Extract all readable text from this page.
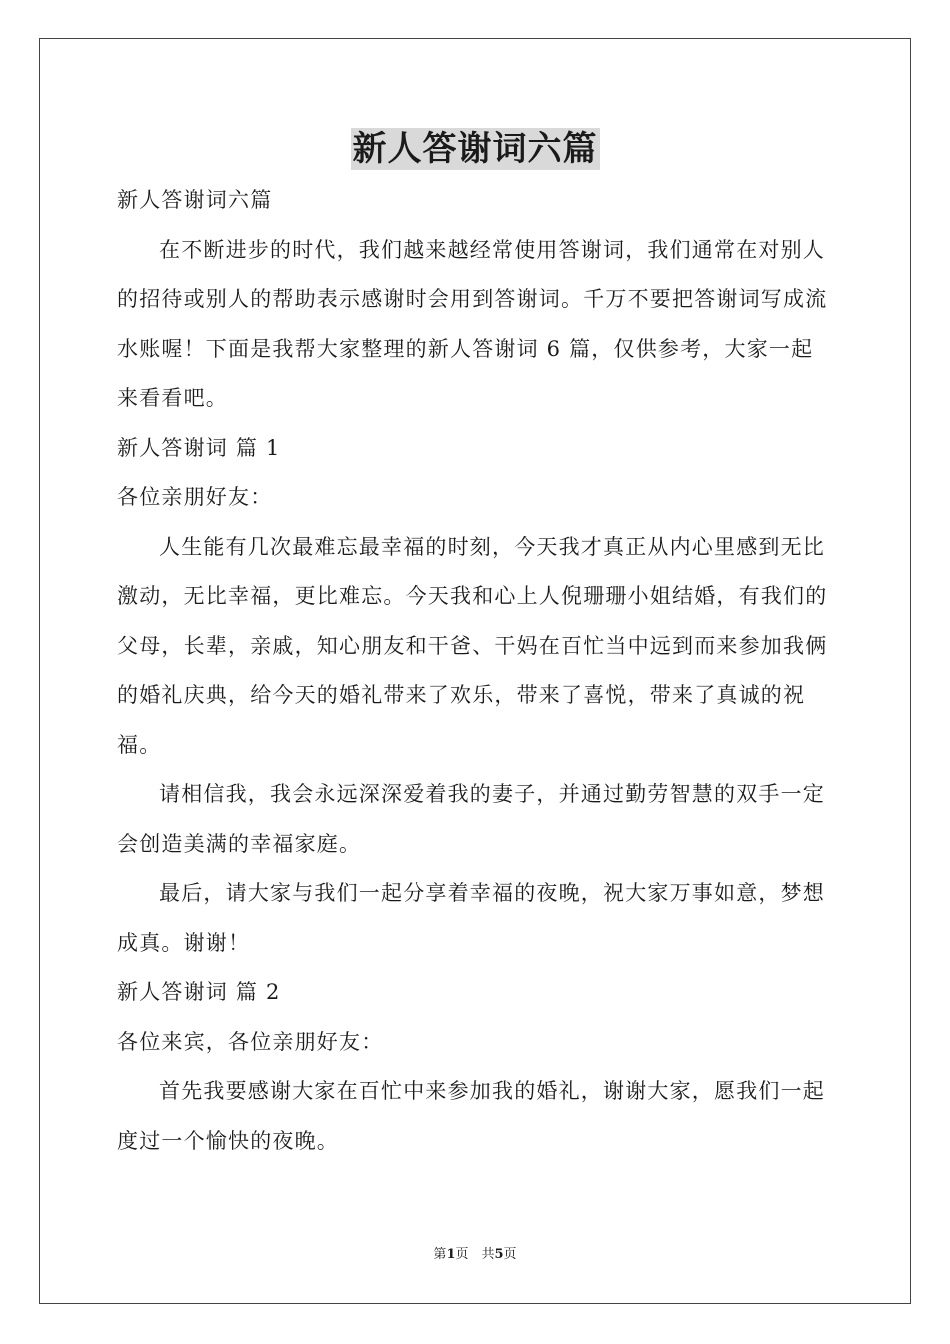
新人答谢词六篇

新人答谢词六篇

在不断进步的时代，我们越来越经常使用答谢词，我们通常在对别人的招待或别人的帮助表示感谢时会用到答谢词。千万不要把答谢词写成流水账喔！下面是我帮大家整理的新人答谢词 6 篇，仅供参考，大家一起来看看吧。

新人答谢词 篇 1

各位亲朋好友：

人生能有几次最难忘最幸福的时刻，今天我才真正从内心里感到无比激动，无比幸福，更比难忘。今天我和心上人倪珊珊小姐结婚，有我们的父母，长辈，亲戚，知心朋友和干爸、干妈在百忙当中远到而来参加我俩的婚礼庆典，给今天的婚礼带来了欢乐，带来了喜悦，带来了真诚的祝福。

请相信我，我会永远深深爱着我的妻子，并通过勤劳智慧的双手一定会创造美满的幸福家庭。

最后，请大家与我们一起分享着幸福的夜晚，祝大家万事如意，梦想成真。谢谢！

新人答谢词 篇 2

各位来宾，各位亲朋好友：

首先我要感谢大家在百忙中来参加我的婚礼，谢谢大家，愿我们一起度过一个愉快的夜晚。

第1页　共5页
